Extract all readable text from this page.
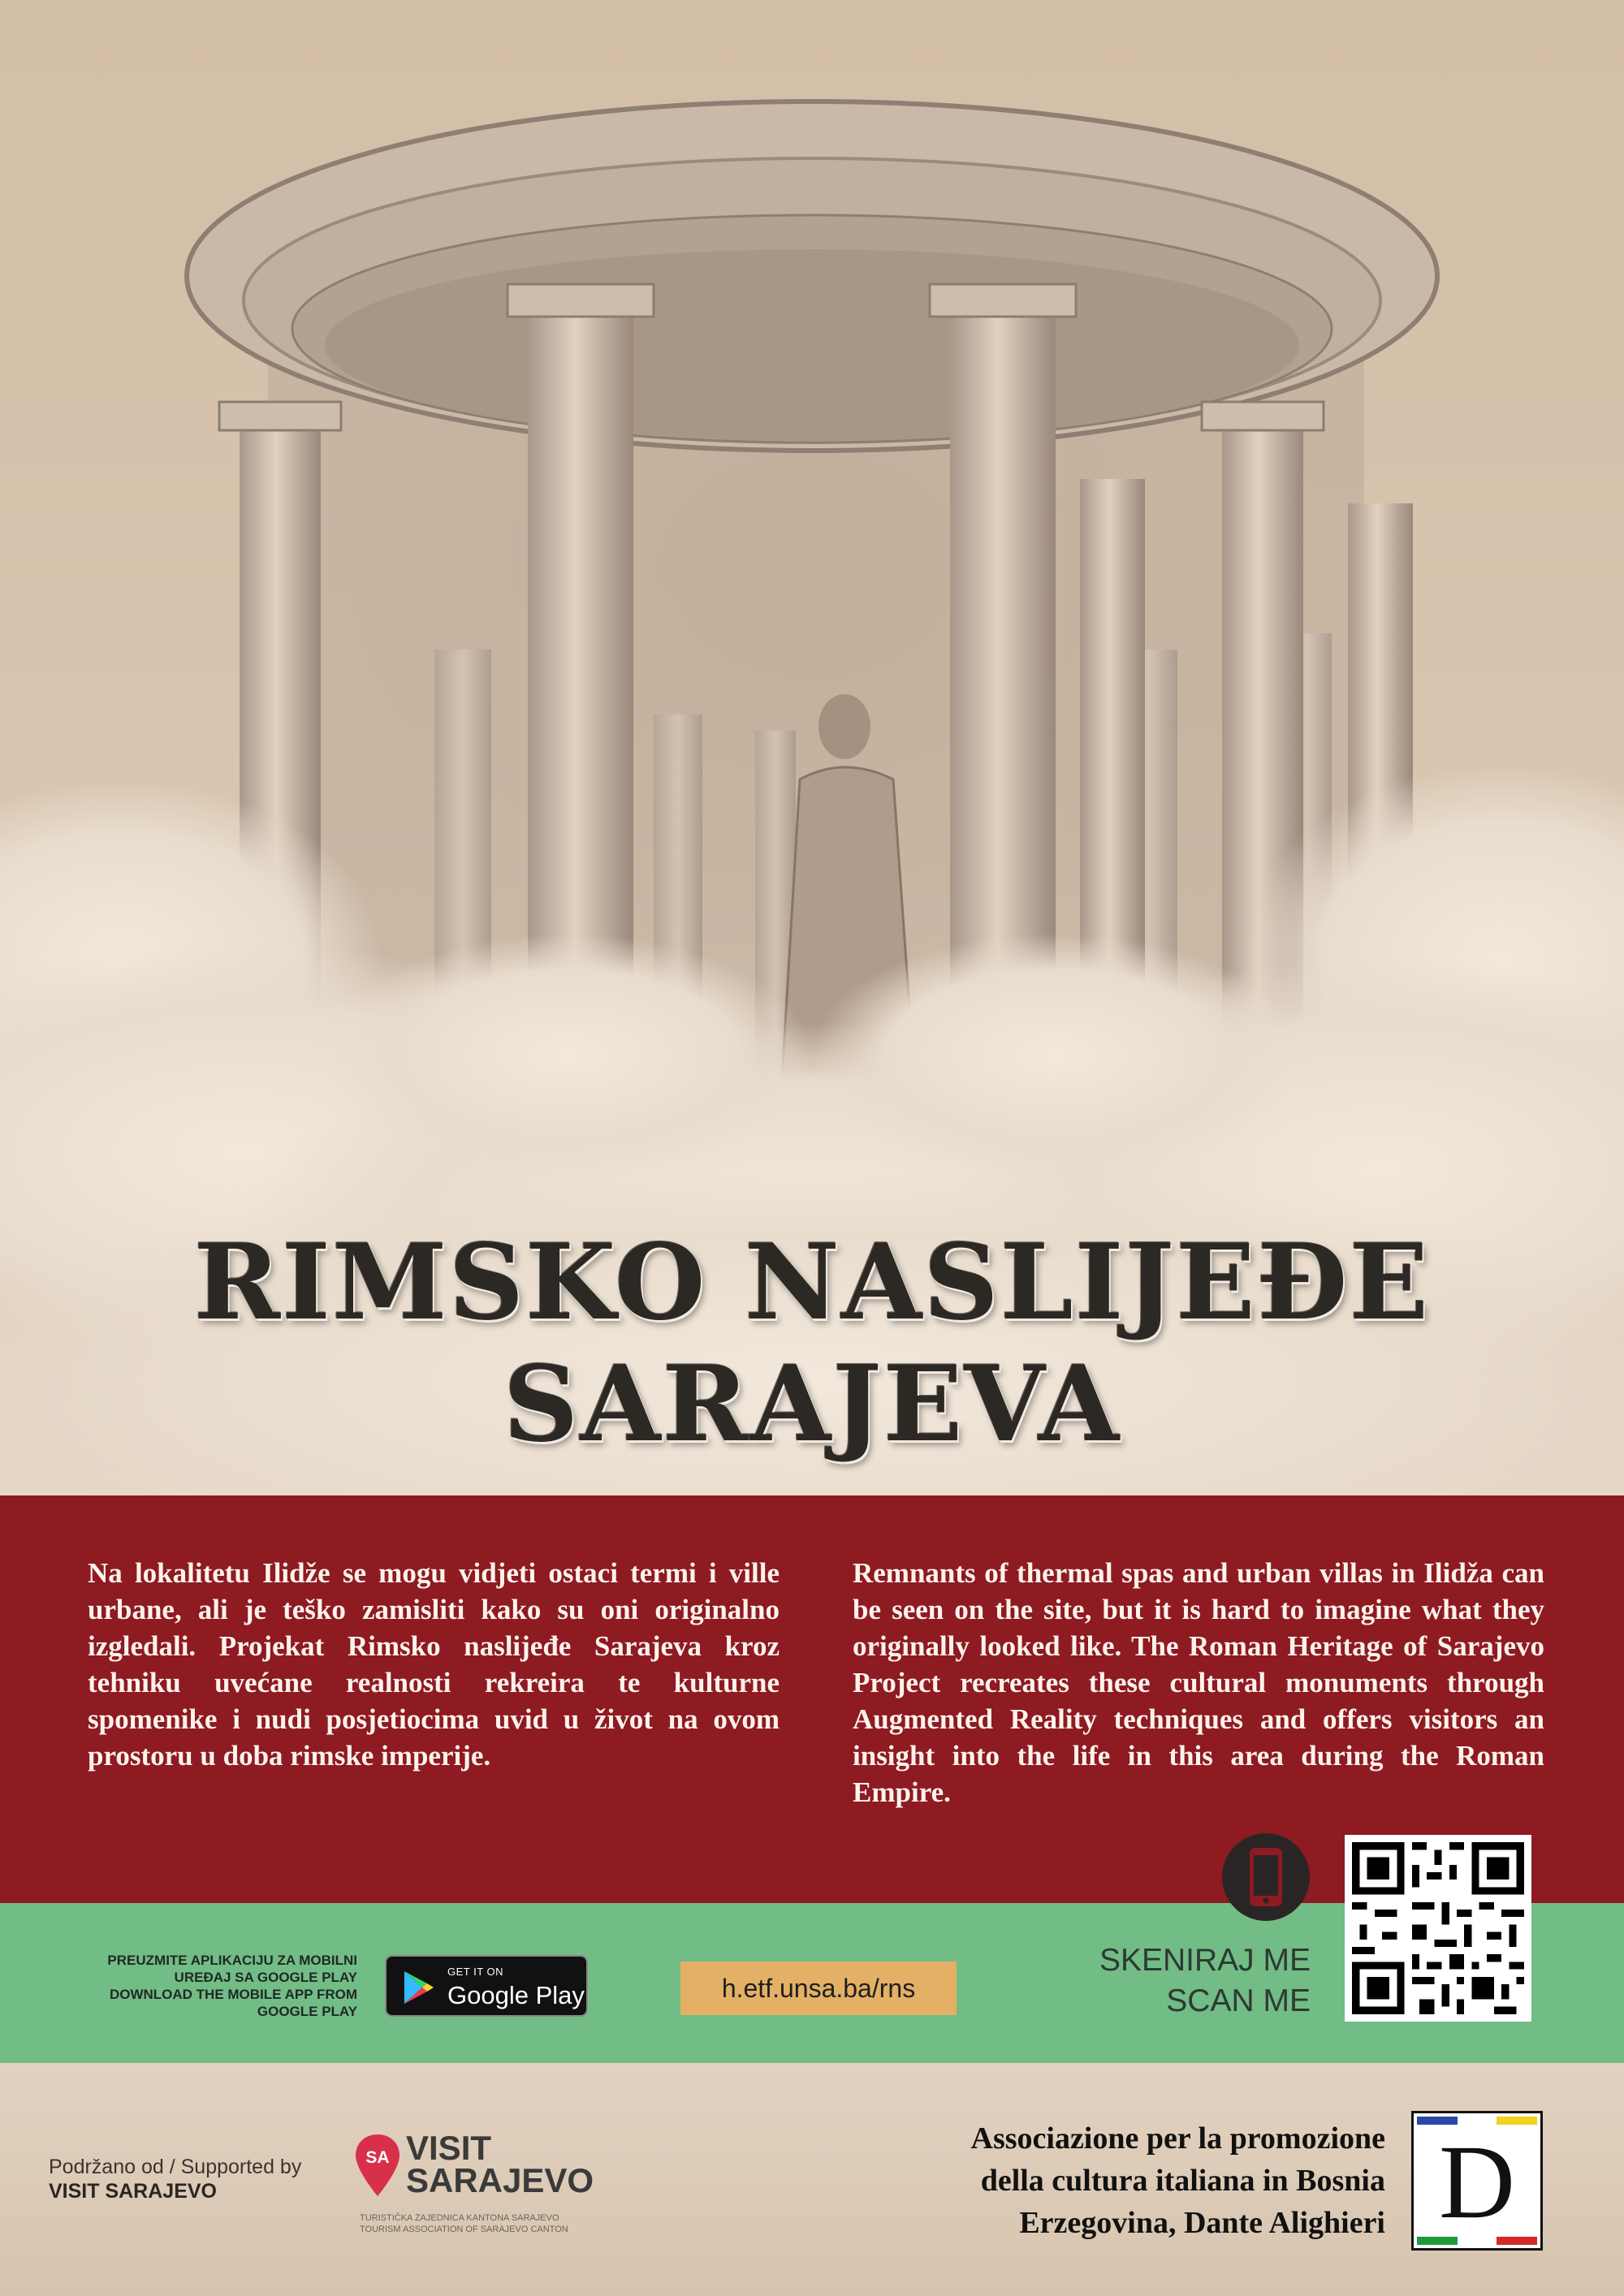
RIMSKO NASLIJEĐE
SARAJEVA
Na lokalitetu Ilidže se mogu vidjeti ostaci termi i ville urbane, ali je teško zamisliti kako su oni originalno izgledali. Projekat Rimsko naslijeđe Sarajeva kroz tehniku uvećane realnosti rekreira te kulturne spomenike i nudi posjetiocima uvid u život na ovom prostoru u doba rimske imperije.
Remnants of thermal spas and urban villas in Ilidža can be seen on the site, but it is hard to imagine what they originally looked like. The Roman Heritage of Sarajevo Project recreates these cultural monuments through Augmented Reality techniques and offers visitors an insight into the life in this area during the Roman Empire.
PREUZMITE APLIKACIJU ZA MOBILNI
UREĐAJ SA GOOGLE PLAY
DOWNLOAD THE MOBILE APP FROM
GOOGLE PLAY
GET IT ON
Google Play	h.etf.unsa.ba/rns
SKENIRAJ ME
SCAN ME
Podržano od / Supported by
VISIT SARAJEVO
SA VISIT
SARAJEVO
TURISTIČKA ZAJEDNICA KANTONA SARAJEVO
TOURISM ASSOCIATION OF SARAJEVO CANTON
Associazione per la promozione
della cultura italiana in Bosnia
Erzegovina, Dante Alighieri D
